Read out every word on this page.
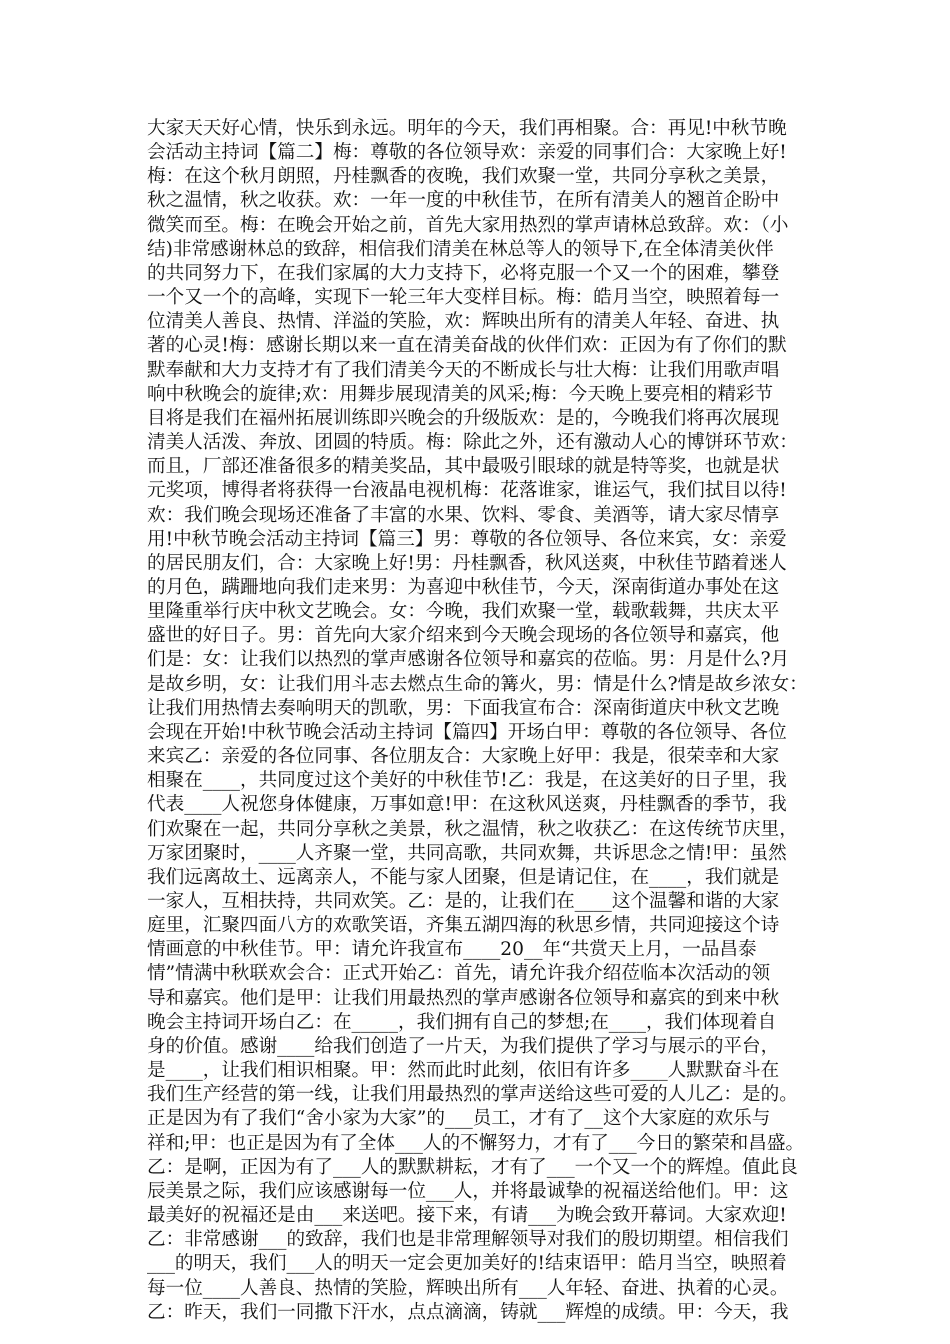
大家天天好心情，快乐到永远。明年的今天，我们再相聚。合：再见!中秋节晚
会活动主持词【篇二】梅：尊敬的各位领导欢：亲爱的同事们合：大家晚上好!
梅：在这个秋月朗照，丹桂飘香的夜晚，我们欢聚一堂，共同分享秋之美景，
秋之温情，秋之收获。欢：一年一度的中秋佳节，在所有清美人的翘首企盼中
微笑而至。梅：在晚会开始之前，首先大家用热烈的掌声请林总致辞。欢：（小
结)非常感谢林总的致辞，相信我们清美在林总等人的领导下,在全体清美伙伴
的共同努力下，在我们家属的大力支持下，必将克服一个又一个的困难，攀登
一个又一个的高峰，实现下一轮三年大变样目标。梅：皓月当空，映照着每一
位清美人善良、热情、洋溢的笑脸，欢：辉映出所有的清美人年轻、奋进、执
著的心灵!梅：感谢长期以来一直在清美奋战的伙伴们欢：正因为有了你们的默
默奉献和大力支持才有了我们清美今天的不断成长与壮大梅：让我们用歌声唱
响中秋晚会的旋律;欢：用舞步展现清美的风采;梅：今天晚上要亮相的精彩节
目将是我们在福州拓展训练即兴晚会的升级版欢：是的，今晚我们将再次展现
清美人活泼、奔放、团圆的特质。梅：除此之外，还有激动人心的博饼环节欢：
而且，厂部还准备很多的精美奖品，其中最吸引眼球的就是特等奖，也就是状
元奖项，博得者将获得一台液晶电视机梅：花落谁家，谁运气，我们拭目以待!
欢：我们晚会现场还准备了丰富的水果、饮料、零食、美酒等，请大家尽情享
用!中秋节晚会活动主持词【篇三】男：尊敬的各位领导、各位来宾，女：亲爱
的居民朋友们，合：大家晚上好!男：丹桂飘香，秋风送爽，中秋佳节踏着迷人
的月色，蹒跚地向我们走来男：为喜迎中秋佳节，今天，深南街道办事处在这
里隆重举行庆中秋文艺晚会。女：今晚，我们欢聚一堂，载歌载舞，共庆太平
盛世的好日子。男：首先向大家介绍来到今天晚会现场的各位领导和嘉宾，他
们是：女：让我们以热烈的掌声感谢各位领导和嘉宾的莅临。男：月是什么?月
是故乡明，女：让我们用斗志去燃点生命的篝火，男：情是什么?情是故乡浓女：
让我们用热情去奏响明天的凯歌，男：下面我宣布合：深南街道庆中秋文艺晚
会现在开始!中秋节晚会活动主持词【篇四】开场白甲：尊敬的各位领导、各位
来宾乙：亲爱的各位同事、各位朋友合：大家晚上好甲：我是，很荣幸和大家
相聚在____，共同度过这个美好的中秋佳节!乙：我是，在这美好的日子里，我
代表____人祝您身体健康，万事如意!甲：在这秋风送爽，丹桂飘香的季节，我
们欢聚在一起，共同分享秋之美景，秋之温情，秋之收获乙：在这传统节庆里，
万家团聚时，____人齐聚一堂，共同高歌，共同欢舞，共诉思念之情!甲：虽然
我们远离故土、远离亲人，不能与家人团聚，但是请记住，在____，我们就是
一家人，互相扶持，共同欢笑。乙：是的，让我们在____这个温馨和谐的大家
庭里，汇聚四面八方的欢歌笑语，齐集五湖四海的秋思乡情，共同迎接这个诗
情画意的中秋佳节。甲：请允许我宣布____20__年“共赏天上月，一品昌泰
情”情满中秋联欢会合：正式开始乙：首先，请允许我介绍莅临本次活动的领
导和嘉宾。他们是甲：让我们用最热烈的掌声感谢各位领导和嘉宾的到来中秋
晚会主持词开场白乙：在_____，我们拥有自己的梦想;在____，我们体现着自
身的价值。感谢____给我们创造了一片天，为我们提供了学习与展示的平台，
是____，让我们相识相聚。甲：然而此时此刻，依旧有许多____人默默奋斗在
我们生产经营的第一线，让我们用最热烈的掌声送给这些可爱的人儿乙：是的。
正是因为有了我们“舍小家为大家”的___员工，才有了__这个大家庭的欢乐与
祥和;甲：也正是因为有了全体___人的不懈努力，才有了___今日的繁荣和昌盛。
乙：是啊，正因为有了___人的默默耕耘，才有了___一个又一个的辉煌。值此良
辰美景之际，我们应该感谢每一位___人，并将最诚挚的祝福送给他们。甲：这
最美好的祝福还是由___来送吧。接下来，有请___为晚会致开幕词。大家欢迎!
乙：非常感谢___的致辞，我们也是非常理解领导对我们的殷切期望。相信我们
___的明天，我们___人的明天一定会更加美好的!结束语甲：皓月当空，映照着
每一位____人善良、热情的笑脸，辉映出所有___人年轻、奋进、执着的心灵。
乙：昨天，我们一同撒下汗水，点点滴滴，铸就___辉煌的成绩。甲：今天，我
